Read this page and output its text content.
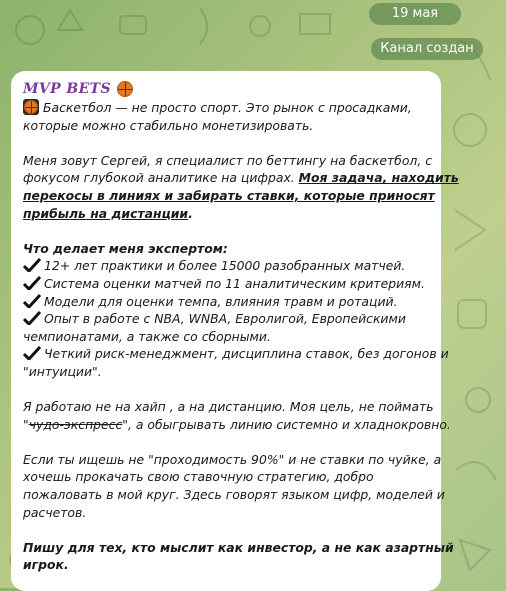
19 мая
Канал создан
MVP BETS
Баскетбол — не просто спорт. Это рынок с просадками,
которые можно стабильно монетизировать.
Меня зовут Сергей, я специалист по беттингу на баскетбол, с
фокусом глубокой аналитике на цифрах. Моя задача, находить
перекосы в линиях и забирать ставки, которые приносят
прибыль на дистанции.
Что делает меня экспертом:
12+ лет практики и более 15000 разобранных матчей.
Система оценки матчей по 11 аналитическим критериям.
Модели для оценки темпа, влияния травм и ротаций.
Опыт в работе с NBA, WNBA, Евролигой, Европейскими
чемпионатами, а также со сборными.
Четкий риск-менеджмент, дисциплина ставок, без догонов и
"интуиции".
Я работаю не на хайп , а на дистанцию. Моя цель, не поймать
"чудо-экспресс", а обыгрывать линию системно и хладнокровно.
Если ты ищешь не "проходимость 90%" и не ставки по чуйке, а
хочешь прокачать свою ставочную стратегию, добро
пожаловать в мой круг. Здесь говорят языком цифр, моделей и
расчетов.
Пишу для тех, кто мыслит как инвестор, а не как азартный
игрок.
